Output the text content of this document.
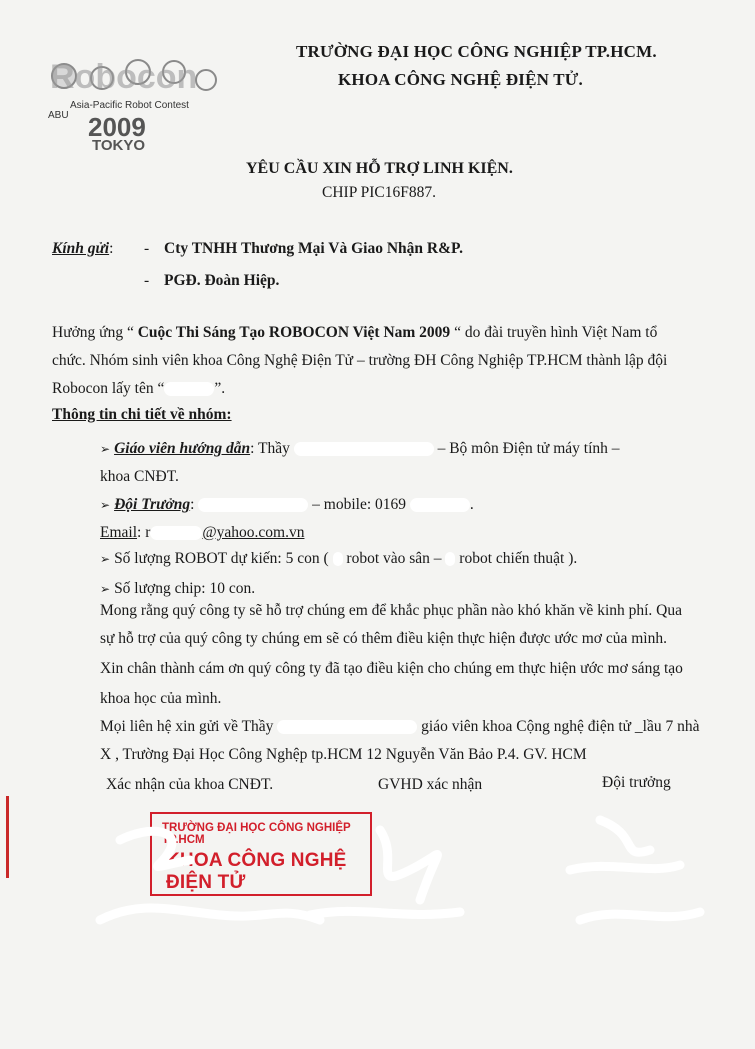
Robocon
ABU
Asia-Pacific Robot Contest
2009
TOKYO
TRƯỜNG ĐẠI HỌC CÔNG NGHIỆP TP.HCM.
KHOA CÔNG NGHỆ ĐIỆN TỬ.
YÊU CẦU XIN HỖ TRỢ LINH KIỆN.
CHIP PIC16F887.
Kính gửi: - Cty TNHH Thương Mại Và Giao Nhận R&P.
- PGĐ. Đoàn Hiệp.
Hưởng ứng “ Cuộc Thi Sáng Tạo ROBOCON Việt Nam 2009 “ do đài truyền hình Việt Nam tổ
chức. Nhóm sinh viên khoa Công Nghệ Điện Tử – trường ĐH Công Nghiệp TP.HCM thành lập đội
Robocon lấy tên “	”.
Thông tin chi tiết về nhóm:
➢ Giáo viên hướng dẫn: Thầy	– Bộ môn Điện tử máy tính –
khoa CNĐT.
➢ Đội Trưởng:	– mobile: 0169	.
Email: r	@yahoo.com.vn
➢ Số lượng ROBOT dự kiến: 5 con ( robot vào sân – robot chiến thuật ).
➢ Số lượng chip: 10 con.
Mong rằng quý công ty sẽ hỗ trợ chúng em để khắc phục phần nào khó khăn về kinh phí. Qua
sự hỗ trợ của quý công ty chúng em sẽ có thêm điều kiện thực hiện được ước mơ của mình.
Xin chân thành cám ơn quý công ty đã tạo điều kiện cho chúng em thực hiện ước mơ sáng tạo
khoa học của mình.
Mọi liên hệ xin gửi về Thầy	giáo viên khoa Cộng nghệ điện tử _lầu 7 nhà
X , Trường Đại Học Công Nghệp tp.HCM 12 Nguyễn Văn Bảo P.4. GV. HCM
Xác nhận của khoa CNĐT.	GVHD xác nhận	Đội trưởng
TRƯỜNG ĐẠI HỌC CÔNG NGHIỆP TP.HCM
KHOA CÔNG NGHỆ ĐIỆN TỬ
